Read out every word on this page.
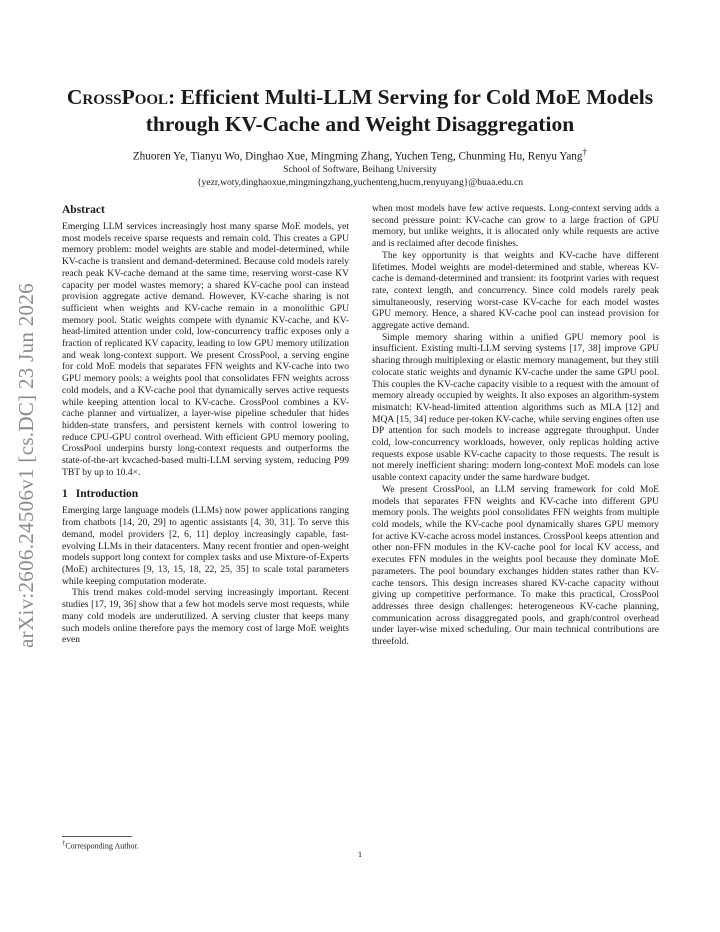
arXiv:2606.24506v1 [cs.DC] 23 Jun 2026
CrossPool: Efficient Multi-LLM Serving for Cold MoE Models through KV-Cache and Weight Disaggregation
Zhuoren Ye, Tianyu Wo, Dinghao Xue, Mingming Zhang, Yuchen Teng, Chunming Hu, Renyu Yang†
School of Software, Beihang University
{yezr,woty,dinghaoxue,mingmingzhang,yuchenteng,hucm,renyuyang}@buaa.edu.cn
Abstract

Emerging LLM services increasingly host many sparse MoE models, yet most models receive sparse requests and remain cold. This creates a GPU memory problem: model weights are stable and model-determined, while KV-cache is transient and demand-determined. Because cold models rarely reach peak KV-cache demand at the same time, reserving worst-case KV capacity per model wastes memory; a shared KV-cache pool can instead provision aggregate active demand. However, KV-cache sharing is not sufficient when weights and KV-cache remain in a monolithic GPU memory pool. Static weights compete with dynamic KV-cache, and KV-head-limited attention under cold, low-concurrency traffic exposes only a fraction of replicated KV capacity, leading to low GPU memory utilization and weak long-context support. We present CrossPool, a serving engine for cold MoE models that separates FFN weights and KV-cache into two GPU memory pools: a weights pool that consolidates FFN weights across cold models, and a KV-cache pool that dynamically serves active requests while keeping attention local to KV-cache. CrossPool combines a KV-cache planner and virtualizer, a layer-wise pipeline scheduler that hides hidden-state transfers, and persistent kernels with control lowering to reduce CPU-GPU control overhead. With efficient GPU memory pooling, CrossPool underpins bursty long-context requests and outperforms the state-of-the-art kvcached-based multi-LLM serving system, reducing P99 TBT by up to 10.4×.

1 Introduction

Emerging large language models (LLMs) now power applications ranging from chatbots [14, 20, 29] to agentic assistants [4, 30, 31]. To serve this demand, model providers [2, 6, 11] deploy increasingly capable, fast-evolving LLMs in their datacenters. Many recent frontier and open-weight models support long context for complex tasks and use Mixture-of-Experts (MoE) architectures [9, 13, 15, 18, 22, 25, 35] to scale total parameters while keeping computation moderate.

This trend makes cold-model serving increasingly important. Recent studies [17, 19, 36] show that a few hot models serve most requests, while many cold models are underutilized. A serving cluster that keeps many such models online therefore pays the memory cost of large MoE weights even

when most models have few active requests. Long-context serving adds a second pressure point: KV-cache can grow to a large fraction of GPU memory, but unlike weights, it is allocated only while requests are active and is reclaimed after decode finishes.

The key opportunity is that weights and KV-cache have different lifetimes. Model weights are model-determined and stable, whereas KV-cache is demand-determined and transient: its footprint varies with request rate, context length, and concurrency. Since cold models rarely peak simultaneously, reserving worst-case KV-cache for each model wastes GPU memory. Hence, a shared KV-cache pool can instead provision for aggregate active demand.

Simple memory sharing within a unified GPU memory pool is insufficient. Existing multi-LLM serving systems [17, 38] improve GPU sharing through multiplexing or elastic memory management, but they still colocate static weights and dynamic KV-cache under the same GPU pool. This couples the KV-cache capacity visible to a request with the amount of memory already occupied by weights. It also exposes an algorithm-system mismatch: KV-head-limited attention algorithms such as MLA [12] and MQA [15, 34] reduce per-token KV-cache, while serving engines often use DP attention for such models to increase aggregate throughput. Under cold, low-concurrency workloads, however, only replicas holding active requests expose usable KV-cache capacity to those requests. The result is not merely inefficient sharing: modern long-context MoE models can lose usable context capacity under the same hardware budget.

We present CrossPool, an LLM serving framework for cold MoE models that separates FFN weights and KV-cache into different GPU memory pools. The weights pool consolidates FFN weights from multiple cold models, while the KV-cache pool dynamically shares GPU memory for active KV-cache across model instances. CrossPool keeps attention and other non-FFN modules in the KV-cache pool for local KV access, and executes FFN modules in the weights pool because they dominate MoE parameters. The pool boundary exchanges hidden states rather than KV-cache tensors. This design increases shared KV-cache capacity without giving up competitive performance. To make this practical, CrossPool addresses three design challenges: heterogeneous KV-cache planning, communication across disaggregated pools, and graph/control overhead under layer-wise mixed scheduling. Our main technical contributions are threefold.

†Corresponding Author.
1
